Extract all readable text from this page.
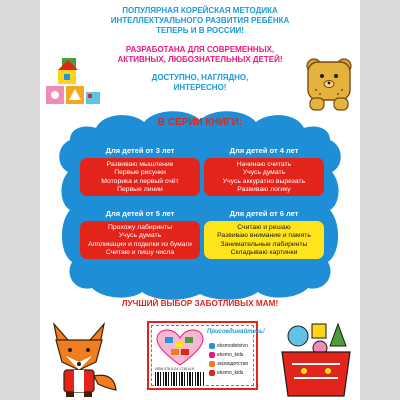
ПОПУЛЯРНАЯ КОРЕЙСКАЯ МЕТОДИКА
ИНТЕЛЛЕКТУАЛЬНОГО РАЗВИТИЯ РЕБЁНКА
ТЕПЕРЬ И В РОССИИ!
РАЗРАБОТАНА ДЛЯ СОВРЕМЕННЫХ,
АКТИВНЫХ, ЛЮБОЗНАТЕЛЬНЫХ ДЕТЕЙ!
ДОСТУПНО, НАГЛЯДНО,
ИНТЕРЕСНО!
В СЕРИИ КНИГИ:
Для детей от 3 лет
Развиваю мышление
Первые рисунки
Моторика и первый счёт
Первые линии
Для детей от 4 лет
Начинаю считать
Учусь думать
Учусь аккуратно вырезать
Развиваю логику
Для детей от 5 лет
Прохожу лабиринты
Учусь думать
Аппликации и поделки из бумаги
Считаю и пишу числа
Для детей от 6 лет
Считаю и решаю
Развиваю внимание и память
Занимательные лабиринты
Складываю картинки
ЛУЧШИЙ ВЫБОР ЗАБОТЛИВЫХ МАМ!
Присоединяйтесь!
eksmodetstvo
eksmo_kids
эксмодетство
eksmo_kids
ISBN 978-5-04-173614-8
